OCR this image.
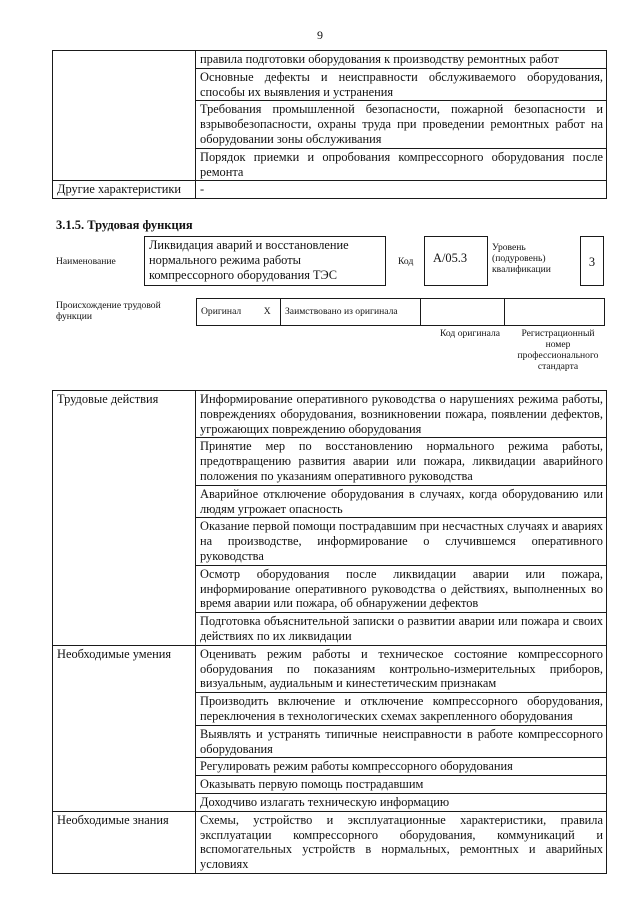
9
	правила подготовки оборудования к производству ремонтных работ
	Основные дефекты и неисправности обслуживаемого оборудования, способы их выявления и устранения
	Требования промышленной безопасности, пожарной безопасности и взрывобезопасности, охраны труда при проведении ремонтных работ на оборудовании зоны обслуживания
	Порядок приемки и опробования компрессорного оборудования после ремонта
Другие характеристики	-
3.1.5. Трудовая функция
Наименование
Ликвидация аварий и восстановление нормального режима работы компрессорного оборудования ТЭС
Код	A/05.3
Уровень (подуровень) квалификации
3
Происхождение трудовой функции	Оригинал	X	Заимствовано из оригинала		
Код оригинала	Регистрационный номер профессионального стандарта
Трудовые действия	Информирование оперативного руководства о нарушениях режима работы, повреждениях оборудования, возникновении пожара, появлении дефектов, угрожающих повреждению оборудования
	Принятие мер по восстановлению нормального режима работы, предотвращению развития аварии или пожара, ликвидации аварийного положения по указаниям оперативного руководства
	Аварийное отключение оборудования в случаях, когда оборудованию или людям угрожает опасность
	Оказание первой помощи пострадавшим при несчастных случаях и авариях на производстве, информирование о случившемся оперативного руководства
	Осмотр оборудования после ликвидации аварии или пожара, информирование оперативного руководства о действиях, выполненных во время аварии или пожара, об обнаружении дефектов
	Подготовка объяснительной записки о развитии аварии или пожара и своих действиях по их ликвидации
Необходимые умения	Оценивать режим работы и техническое состояние компрессорного оборудования по показаниям контрольно-измерительных приборов, визуальным, аудиальным и кинестетическим признакам
	Производить включение и отключение компрессорного оборудования, переключения в технологических схемах закрепленного оборудования
	Выявлять и устранять типичные неисправности в работе компрессорного оборудования
	Регулировать режим работы компрессорного оборудования
	Оказывать первую помощь пострадавшим
	Доходчиво излагать техническую информацию
Необходимые знания	Схемы, устройство и эксплуатационные характеристики, правила эксплуатации компрессорного оборудования, коммуникаций и вспомогательных устройств в нормальных, ремонтных и аварийных условиях
